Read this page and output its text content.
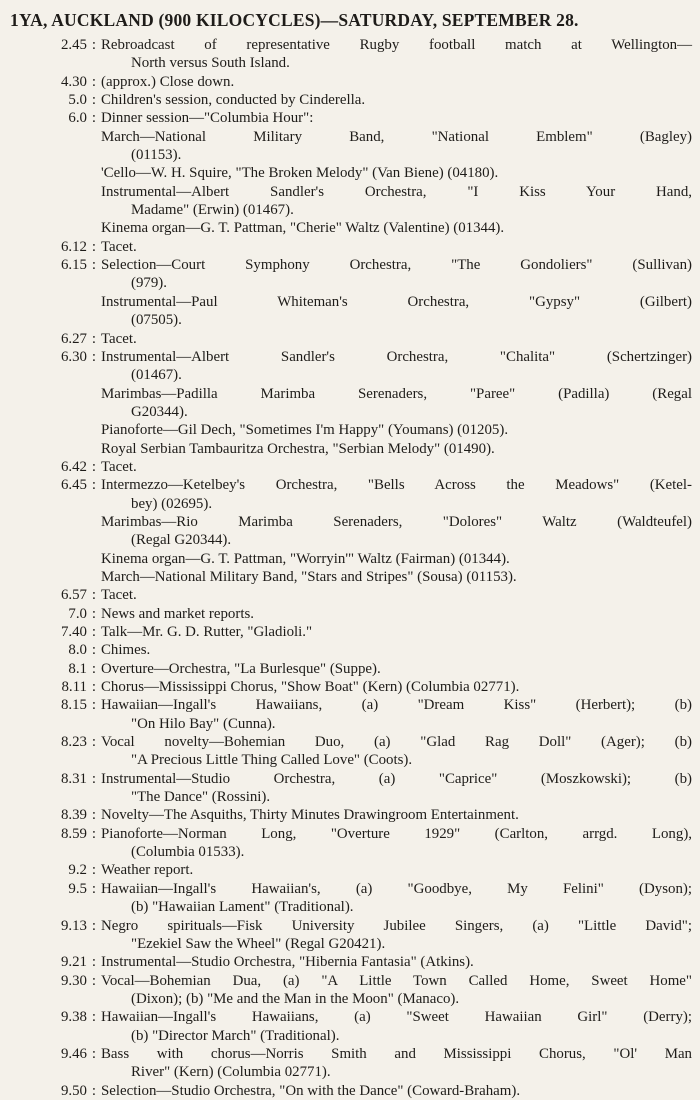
1YA, AUCKLAND (900 KILOCYCLES)—SATURDAY, SEPTEMBER 28.
2.45 : Rebroadcast of representative Rugby football match at Wellington—
North versus South Island.
4.30 : (approx.) Close down.
5.0 : Children's session, conducted by Cinderella.
6.0 : Dinner session—"Columbia Hour":
March—National Military Band, "National Emblem" (Bagley)
(01153).
'Cello—W. H. Squire, "The Broken Melody" (Van Biene) (04180).
Instrumental—Albert Sandler's Orchestra, "I Kiss Your Hand,
Madame" (Erwin) (01467).
Kinema organ—G. T. Pattman, "Cherie" Waltz (Valentine) (01344).
6.12 : Tacet.
6.15 : Selection—Court Symphony Orchestra, "The Gondoliers" (Sullivan)
(979).
Instrumental—Paul Whiteman's Orchestra, "Gypsy" (Gilbert)
(07505).
6.27 : Tacet.
6.30 : Instrumental—Albert Sandler's Orchestra, "Chalita" (Schertzinger)
(01467).
Marimbas—Padilla Marimba Serenaders, "Paree" (Padilla) (Regal
G20344).
Pianoforte—Gil Dech, "Sometimes I'm Happy" (Youmans) (01205).
Royal Serbian Tambauritza Orchestra, "Serbian Melody" (01490).
6.42 : Tacet.
6.45 : Intermezzo—Ketelbey's Orchestra, "Bells Across the Meadows" (Ketel-
bey) (02695).
Marimbas—Rio Marimba Serenaders, "Dolores" Waltz (Waldteufel)
(Regal G20344).
Kinema organ—G. T. Pattman, "Worryin'" Waltz (Fairman) (01344).
March—National Military Band, "Stars and Stripes" (Sousa) (01153).
6.57 : Tacet.
7.0 : News and market reports.
7.40 : Talk—Mr. G. D. Rutter, "Gladioli."
8.0 : Chimes.
8.1 : Overture—Orchestra, "La Burlesque" (Suppe).
8.11 : Chorus—Mississippi Chorus, "Show Boat" (Kern) (Columbia 02771).
8.15 : Hawaiian—Ingall's Hawaiians, (a) "Dream Kiss" (Herbert); (b)
"On Hilo Bay" (Cunna).
8.23 : Vocal novelty—Bohemian Duo, (a) "Glad Rag Doll" (Ager); (b)
"A Precious Little Thing Called Love" (Coots).
8.31 : Instrumental—Studio Orchestra, (a) "Caprice" (Moszkowski); (b)
"The Dance" (Rossini).
8.39 : Novelty—The Asquiths, Thirty Minutes Drawingroom Entertainment.
8.59 : Pianoforte—Norman Long, "Overture 1929" (Carlton, arrgd. Long),
(Columbia 01533).
9.2 : Weather report.
9.5 : Hawaiian—Ingall's Hawaiian's, (a) "Goodbye, My Felini" (Dyson);
(b) "Hawaiian Lament" (Traditional).
9.13 : Negro spirituals—Fisk University Jubilee Singers, (a) "Little David";
"Ezekiel Saw the Wheel" (Regal G20421).
9.21 : Instrumental—Studio Orchestra, "Hibernia Fantasia" (Atkins).
9.30 : Vocal—Bohemian Dua, (a) "A Little Town Called Home, Sweet Home"
(Dixon); (b) "Me and the Man in the Moon" (Manaco).
9.38 : Hawaiian—Ingall's Hawaiians, (a) "Sweet Hawaiian Girl" (Derry);
(b) "Director March" (Traditional).
9.46 : Bass with chorus—Norris Smith and Mississippi Chorus, "Ol' Man
River" (Kern) (Columbia 02771).
9.50 : Selection—Studio Orchestra, "On with the Dance" (Coward-Braham).
